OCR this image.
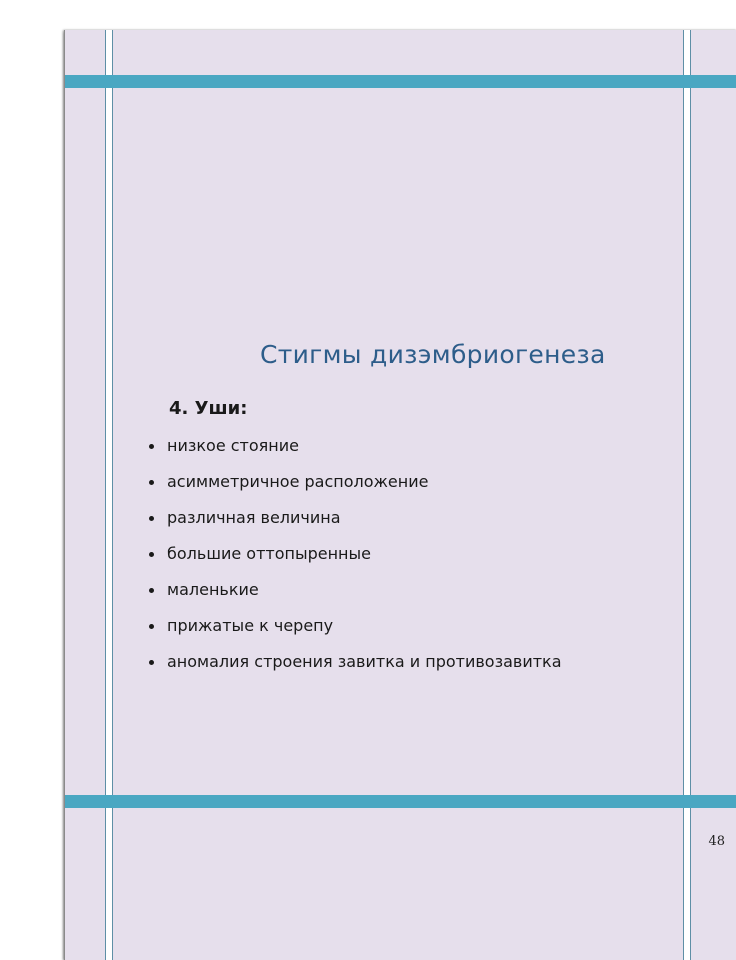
Стигмы дизэмбриогенеза
4. Уши:
низкое стояние
асимметричное расположение
различная величина
большие оттопыренные
маленькие
прижатые к черепу
аномалия строения завитка и противозавитка
48
